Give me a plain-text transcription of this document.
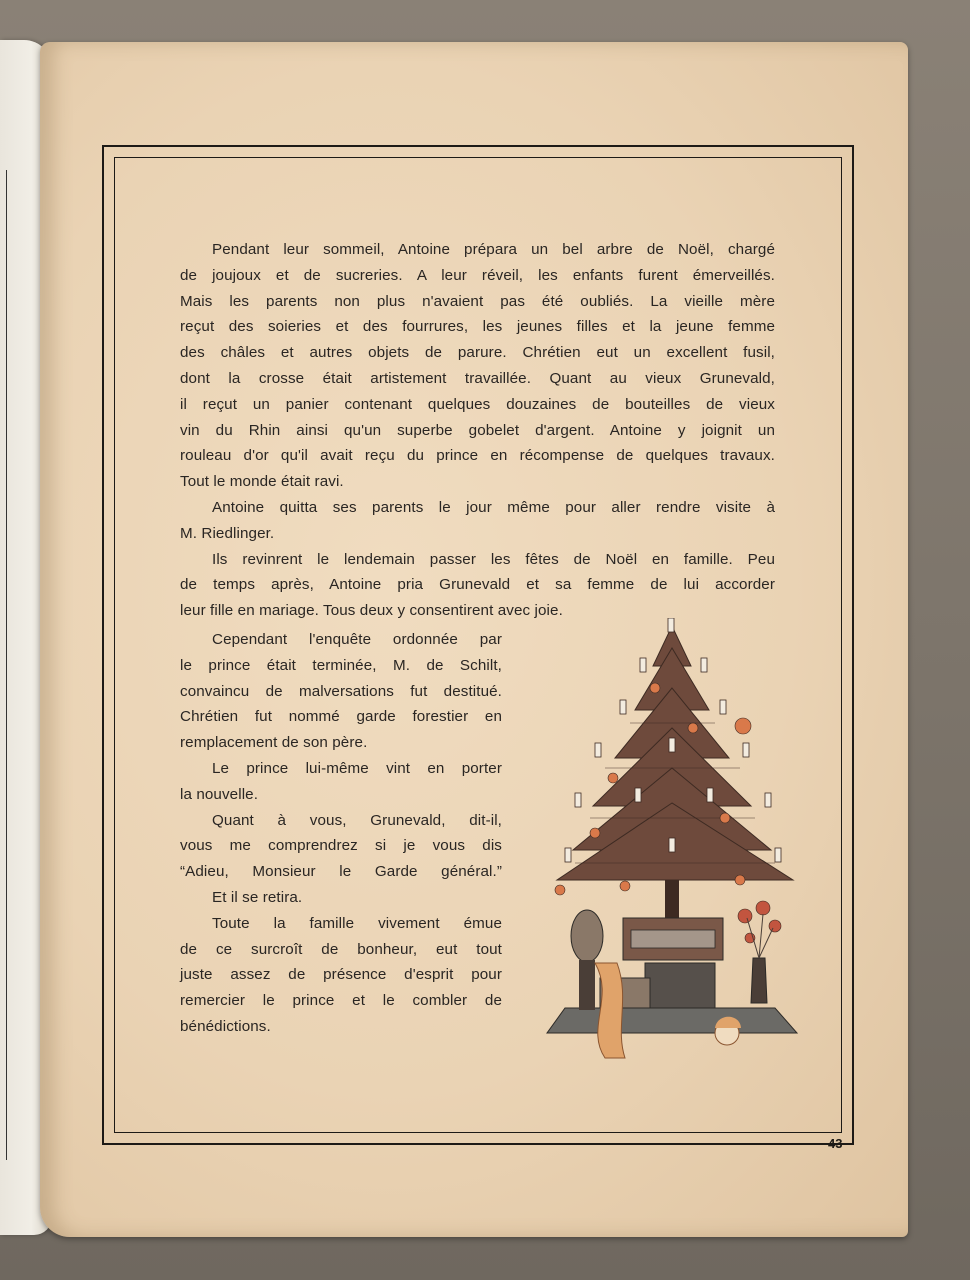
Pendant leur sommeil, Antoine prépara un bel arbre de Noël, chargé
de joujoux et de sucreries. A leur réveil, les enfants furent émerveillés.
Mais les parents non plus n'avaient pas été oubliés. La vieille mère
reçut des soieries et des fourrures, les jeunes filles et la jeune femme
des châles et autres objets de parure. Chrétien eut un excellent fusil,
dont la crosse était artistement travaillée. Quant au vieux Grunevald,
il reçut un panier contenant quelques douzaines de bouteilles de vieux
vin du Rhin ainsi qu'un superbe gobelet d'argent. Antoine y joignit un
rouleau d'or qu'il avait reçu du prince en récompense de quelques travaux.
Tout le monde était ravi.
Antoine quitta ses parents le jour même pour aller rendre visite à
M. Riedlinger.
Ils revinrent le lendemain passer les fêtes de Noël en famille. Peu
de temps après, Antoine pria Grunevald et sa femme de lui accorder
leur fille en mariage. Tous deux y consentirent avec joie.
Cependant l'enquête ordonnée par
le prince était terminée, M. de Schilt,
convaincu de malversations fut destitué.
Chrétien fut nommé garde forestier en
remplacement de son père.
Le prince lui-même vint en porter
la nouvelle.
Quant à vous, Grunevald, dit-il,
vous me comprendrez si je vous dis
“Adieu, Monsieur le Garde général.”
Et il se retira.
Toute la famille vivement émue
de ce surcroît de bonheur, eut tout
juste assez de présence d'esprit pour
remercier le prince et le combler de
bénédictions.
43
